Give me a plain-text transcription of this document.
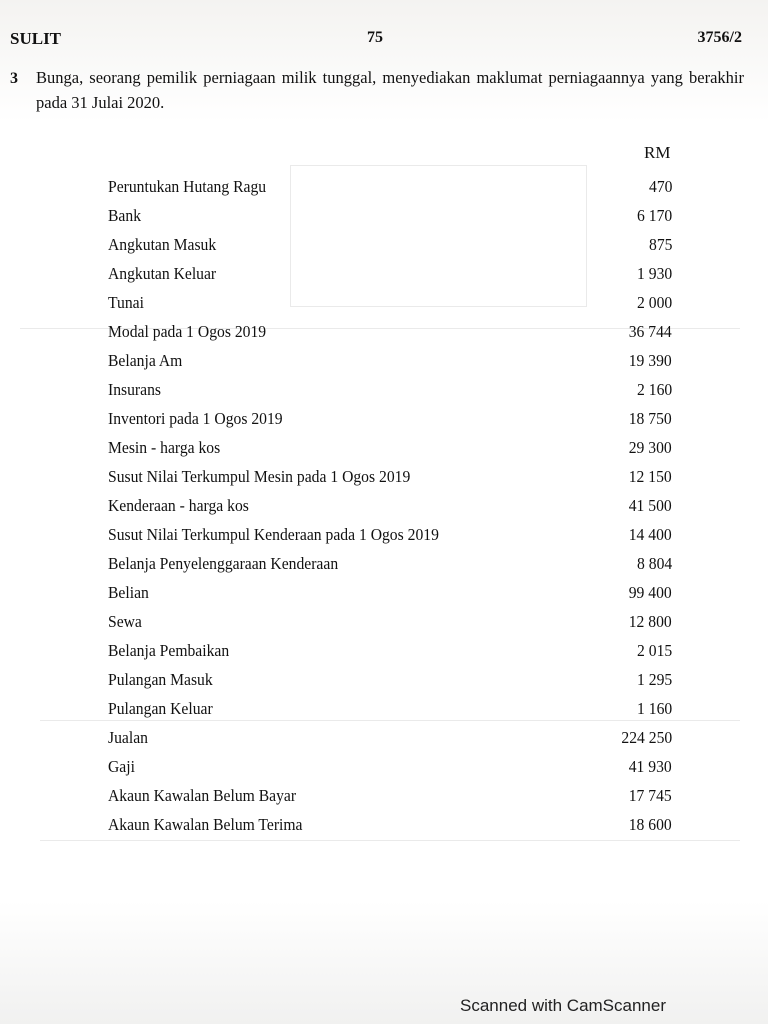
SULIT	75	3756/2
3 Bunga, seorang pemilik perniagaan milik tunggal, menyediakan maklumat perniagaannya yang berakhir pada 31 Julai 2020.
RM
Peruntukan Hutang Ragu	470
Bank	6 170
Angkutan Masuk	875
Angkutan Keluar	1 930
Tunai	2 000
Modal pada 1 Ogos 2019	36 744
Belanja Am	19 390
Insurans	2 160
Inventori pada 1 Ogos 2019	18 750
Mesin - harga kos	29 300
Susut Nilai Terkumpul Mesin pada 1 Ogos 2019	12 150
Kenderaan - harga kos	41 500
Susut Nilai Terkumpul Kenderaan pada 1 Ogos 2019	14 400
Belanja Penyelenggaraan Kenderaan	8 804
Belian	99 400
Sewa	12 800
Belanja Pembaikan	2 015
Pulangan Masuk	1 295
Pulangan Keluar	1 160
Jualan	224 250
Gaji	41 930
Akaun Kawalan Belum Bayar	17 745
Akaun Kawalan Belum Terima	18 600
Scanned with CamScanner
